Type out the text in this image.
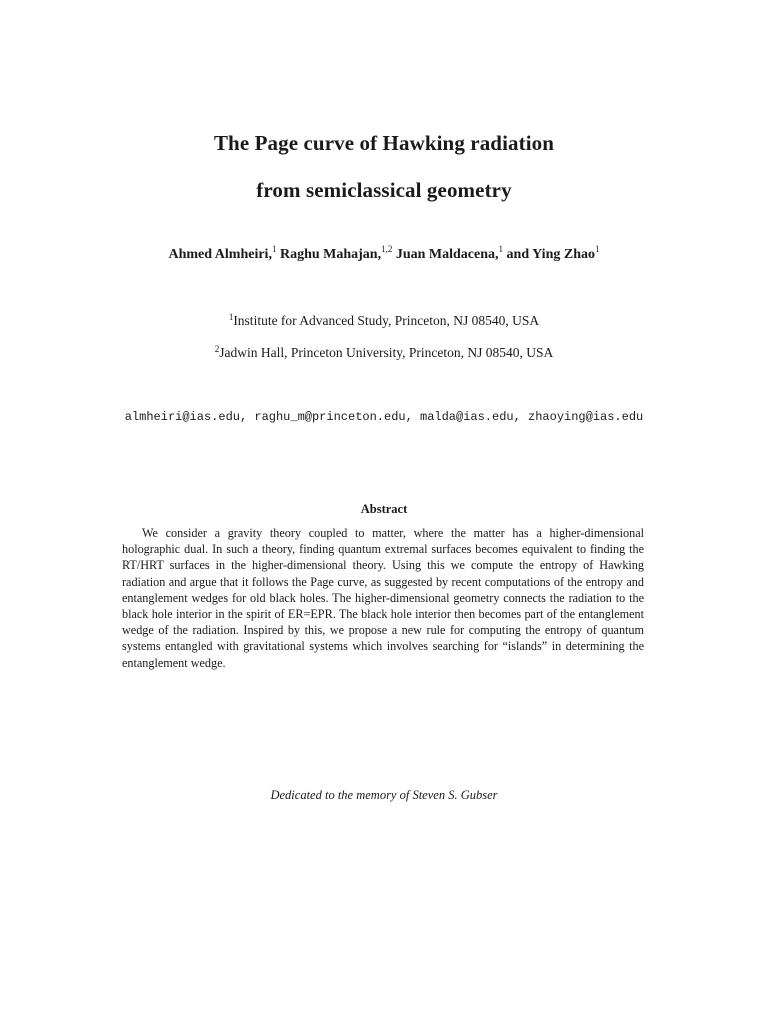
The Page curve of Hawking radiation
from semiclassical geometry
Ahmed Almheiri,$^1$ Raghu Mahajan,$^{1,2}$ Juan Maldacena,$^1$ and Ying Zhao$^1$
$^1$Institute for Advanced Study, Princeton, NJ 08540, USA
$^2$Jadwin Hall, Princeton University, Princeton, NJ 08540, USA
almheiri@ias.edu, raghu_m@princeton.edu, malda@ias.edu, zhaoying@ias.edu
Abstract
We consider a gravity theory coupled to matter, where the matter has a higher-dimensional holographic dual. In such a theory, finding quantum extremal surfaces becomes equivalent to finding the RT/HRT surfaces in the higher-dimensional theory. Using this we compute the entropy of Hawking radiation and argue that it follows the Page curve, as suggested by recent computations of the entropy and entanglement wedges for old black holes. The higher-dimensional geometry connects the radiation to the black hole interior in the spirit of ER=EPR. The black hole interior then becomes part of the entanglement wedge of the radiation. Inspired by this, we propose a new rule for computing the entropy of quantum systems entangled with gravitational systems which involves searching for “islands” in determining the entanglement wedge.
Dedicated to the memory of Steven S. Gubser
